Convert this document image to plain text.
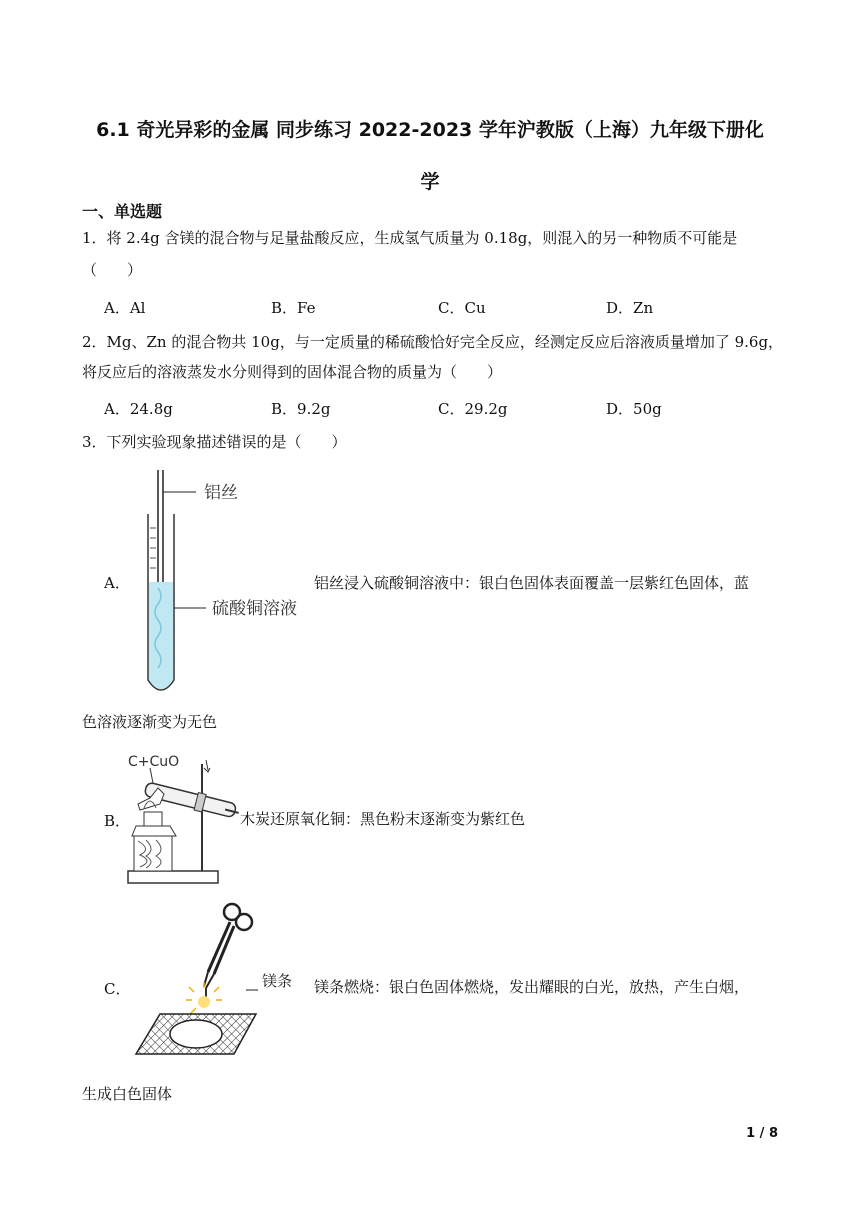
6.1 奇光异彩的金属 同步练习 2022-2023 学年沪教版（上海）九年级下册化
学
一、单选题
1．将 2.4g 含镁的混合物与足量盐酸反应，生成氢气质量为 0.18g，则混入的另一种物质不可能是
（　　）
A．Al	B．Fe	C．Cu	D．Zn
2．Mg、Zn 的混合物共 10g，与一定质量的稀硫酸恰好完全反应，经测定反应后溶液质量增加了 9.6g，
将反应后的溶液蒸发水分则得到的固体混合物的质量为（　　）
A．24.8g	B．9.2g	C．29.2g	D．50g
3．下列实验现象描述错误的是（　　）
铝丝
硫酸铜溶液
A．	铝丝浸入硫酸铜溶液中：银白色固体表面覆盖一层紫红色固体，蓝
色溶液逐渐变为无色
C+CuO
B．	木炭还原氧化铜：黑色粉末逐渐变为紫红色
镁条
C．	镁条燃烧：银白色固体燃烧，发出耀眼的白光，放热，产生白烟，
生成白色固体
1 / 8
